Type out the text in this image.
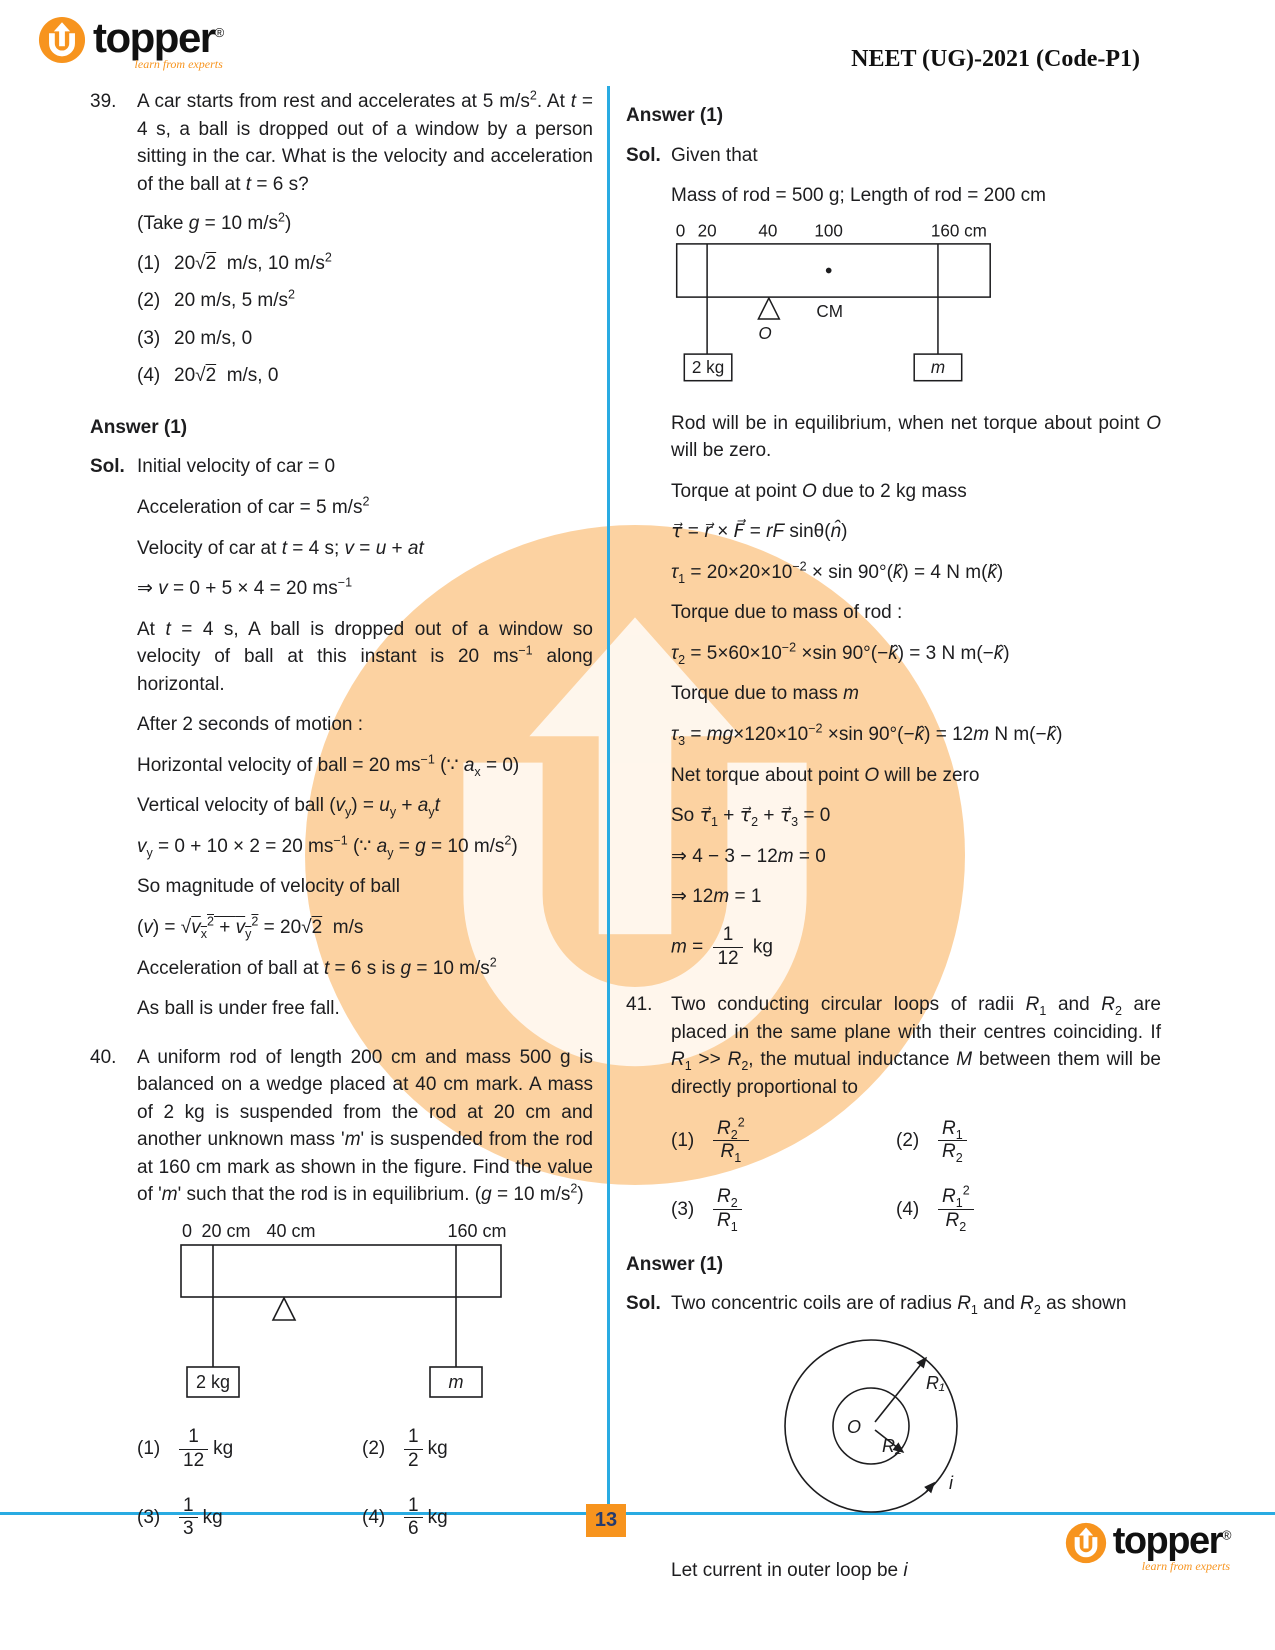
topper®
learn from experts	NEET (UG)-2021 (Code-P1)
13
39.	A car starts from rest and accelerates at 5 $m/s^2$. At t = 4 s, a ball is dropped out of a window by a person sitting in the car. What is the velocity and acceleration of the ball at t = 6 s?

(Take g = 10 $m/s^2$)

(1) 20√2  m/s, 10 $m/s^2$
(2) 20 m/s, 5 $m/s^2$
(3) 20 m/s, 0
(4) 20√2  m/s, 0
Answer (1)
Sol. Initial velocity of car = 0

Acceleration of car = 5 $m/s^2$

Velocity of car at t = 4 s; v = u + at

⇒ v = 0 + 5 × 4 = 20 $ms^{-1}$

At t = 4 s, A ball is dropped out of a window so velocity of ball at this instant is 20 $ms^{-1}$ along horizontal.

After 2 seconds of motion :

Horizontal velocity of ball = 20 $ms^{-1}$ (∵ $a_x = 0$)

Vertical velocity of ball $(v_y) = u_y + a_yt$

$v_y = 0 + 10 \times 2 = 20$ $ms^{-1}$ (∵ $a_y = g = 10$ $m/s^2$)

So magnitude of velocity of ball

$(v) = √v_x^2 + v_y^2 = 20√2$  m/s

Acceleration of ball at t = 6 s is g = 10 $m/s^2$

As ball is under free fall.

40.	A uniform rod of length 200 cm and mass 500 g is balanced on a wedge placed at 40 cm mark. A mass of 2 kg is suspended from the rod at 20 cm and another unknown mass 'm' is suspended from the rod at 160 cm mark as shown in the figure. Find the value of 'm' such that the rod is in equilibrium. (g = 10 $m/s^2$)

0 20 cm 40 cm	160 cm
2 kg	m
$(1) \frac{1}{12}$ kg	$(2) \frac{1}{2}$ kg
$(3) \frac{1}{3}$ kg	$(4) \frac{1}{6}$ kg
Answer (1)
Sol. Given that

Mass of rod = 500 g; Length of rod = 200 cm

0 20 40 100	160 cm
CM
O
2 kg	m

Rod will be in equilibrium, when net torque about point O will be zero.

Torque at point O due to 2 kg mass

τ⃗ = r⃗ × F⃗ = rF sinθ(n̂)

$\tau_1 = 20\times 20\times 10^{-2} \times \sin$ 90°(k̂) = 4 N m(k̂)

Torque due to mass of rod :

$\tau_2 = 5\times 60\times 10^{-2} \times\sin$ 90°(−k̂) = 3 N m(−k̂)

Torque due to mass m

$\tau_3 = mg\times 120\times 10^{-2} \times\sin$ 90°(−k̂) = 12m N m(−k̂)

Net torque about point O will be zero

So $\tau⃗_1$ + $\tau⃗_2$ + $\tau⃗_3 = 0$

⇒ 4 − 3 − 12m = 0

⇒ 12m = 1

$m = \frac{1}{12}$ kg

41. Two conducting circular loops of radii $R_1$ and $R_2$ are placed in the same plane with their centres coinciding. If $R_1 >> R_2$, the mutual inductance M between them will be directly proportional to

$(1) \frac{R_2^2}{R_1}$	$(2) \frac{R_1}{R_2}$
$(3) \frac{R_2}{R_1}$	$(4) \frac{R_1^2}{R_2}$
Answer (1)
Sol. Two concentric coils are of radius $R_1$ and $R_2$ as shown

O
R₁
R₂
i

Let current in outer loop be i

topper®
learn from experts
